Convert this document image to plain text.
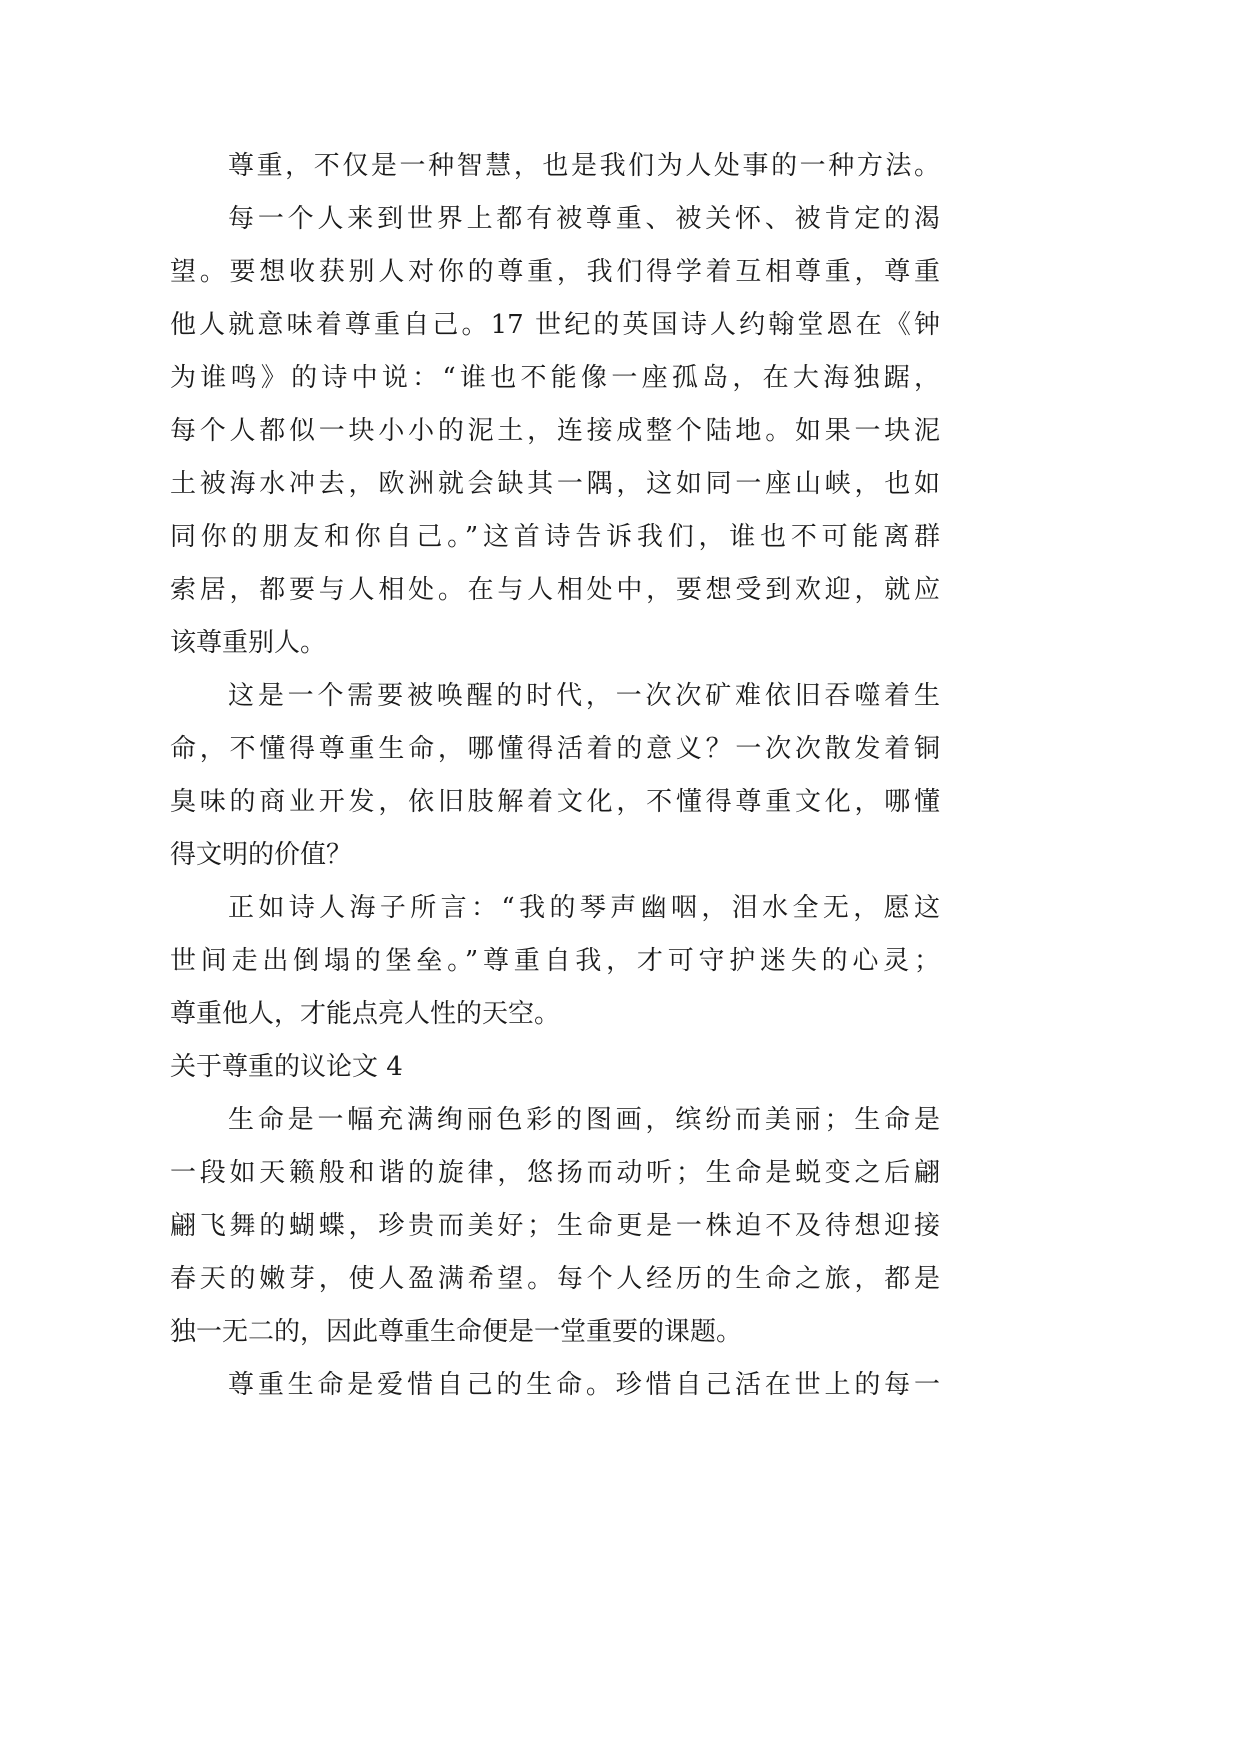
尊重，不仅是一种智慧，也是我们为人处事的一种方法。
每一个人来到世界上都有被尊重、被关怀、被肯定的渴
望。要想收获别人对你的尊重，我们得学着互相尊重，尊重
他人就意味着尊重自己。17 世纪的英国诗人约翰堂恩在《钟
为谁鸣》的诗中说：“谁也不能像一座孤岛，在大海独踞，
每个人都似一块小小的泥土，连接成整个陆地。如果一块泥
土被海水冲去，欧洲就会缺其一隅，这如同一座山峡，也如
同你的朋友和你自己。”这首诗告诉我们，谁也不可能离群
索居，都要与人相处。在与人相处中，要想受到欢迎，就应
该尊重别人。
这是一个需要被唤醒的时代，一次次矿难依旧吞噬着生
命，不懂得尊重生命，哪懂得活着的意义？一次次散发着铜
臭味的商业开发，依旧肢解着文化，不懂得尊重文化，哪懂
得文明的价值？
正如诗人海子所言：“我的琴声幽咽，泪水全无，愿这
世间走出倒塌的堡垒。”尊重自我，才可守护迷失的心灵；
尊重他人，才能点亮人性的天空。
关于尊重的议论文 4
生命是一幅充满绚丽色彩的图画，缤纷而美丽；生命是
一段如天籁般和谐的旋律，悠扬而动听；生命是蜕变之后翩
翩飞舞的蝴蝶，珍贵而美好；生命更是一株迫不及待想迎接
春天的嫩芽，使人盈满希望。每个人经历的生命之旅，都是
独一无二的，因此尊重生命便是一堂重要的课题。
尊重生命是爱惜自己的生命。珍惜自己活在世上的每一
